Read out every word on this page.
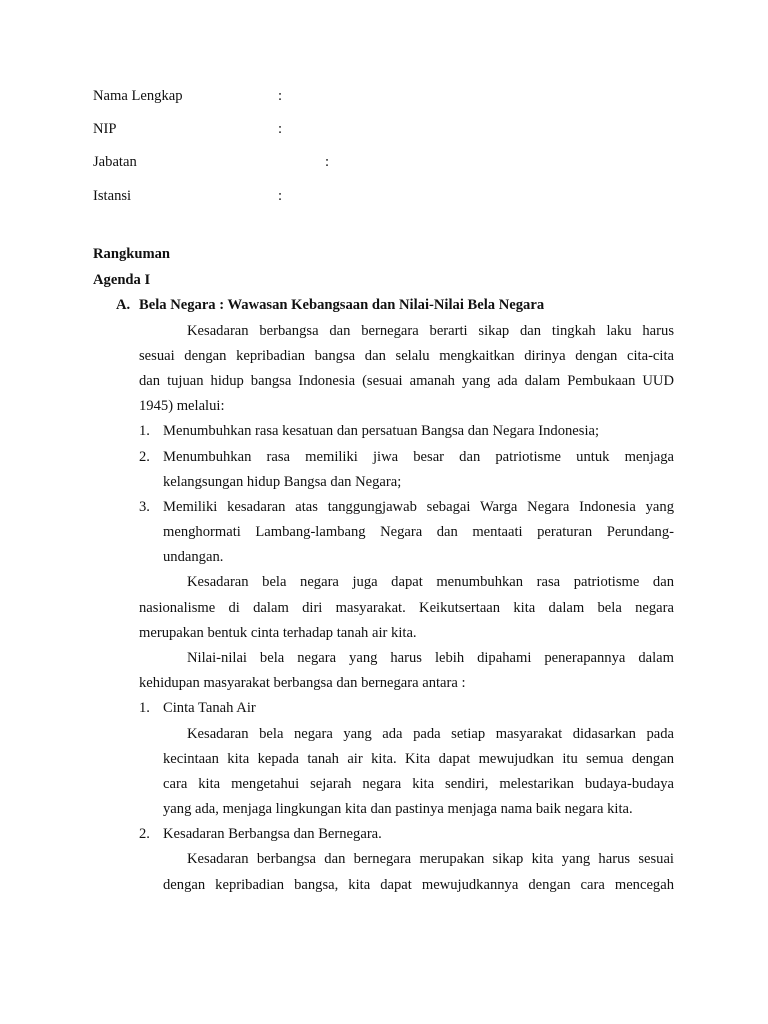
Nama Lengkap	:
NIP	:
Jabatan	:
Istansi	:
Rangkuman
Agenda I
A. Bela Negara : Wawasan Kebangsaan dan Nilai-Nilai Bela Negara
Kesadaran berbangsa dan bernegara berarti sikap dan tingkah laku harus
sesuai dengan kepribadian bangsa dan selalu mengkaitkan dirinya dengan cita-cita
dan tujuan hidup bangsa Indonesia (sesuai amanah yang ada dalam Pembukaan UUD
1945) melalui:
1. Menumbuhkan rasa kesatuan dan persatuan Bangsa dan Negara Indonesia;
2. Menumbuhkan rasa memiliki jiwa besar dan patriotisme untuk menjaga
kelangsungan hidup Bangsa dan Negara;
3. Memiliki kesadaran atas tanggungjawab sebagai Warga Negara Indonesia yang
menghormati Lambang-lambang Negara dan mentaati peraturan Perundang-
undangan.
Kesadaran bela negara juga dapat menumbuhkan rasa patriotisme dan
nasionalisme di dalam diri masyarakat. Keikutsertaan kita dalam bela negara
merupakan bentuk cinta terhadap tanah air kita.
Nilai-nilai bela negara yang harus lebih dipahami penerapannya dalam
kehidupan masyarakat berbangsa dan bernegara antara :
1. Cinta Tanah Air
Kesadaran bela negara yang ada pada setiap masyarakat didasarkan pada
kecintaan kita kepada tanah air kita. Kita dapat mewujudkan itu semua dengan
cara kita mengetahui sejarah negara kita sendiri, melestarikan budaya-budaya
yang ada, menjaga lingkungan kita dan pastinya menjaga nama baik negara kita.
2. Kesadaran Berbangsa dan Bernegara.
Kesadaran berbangsa dan bernegara merupakan sikap kita yang harus sesuai
dengan kepribadian bangsa, kita dapat mewujudkannya dengan cara mencegah
